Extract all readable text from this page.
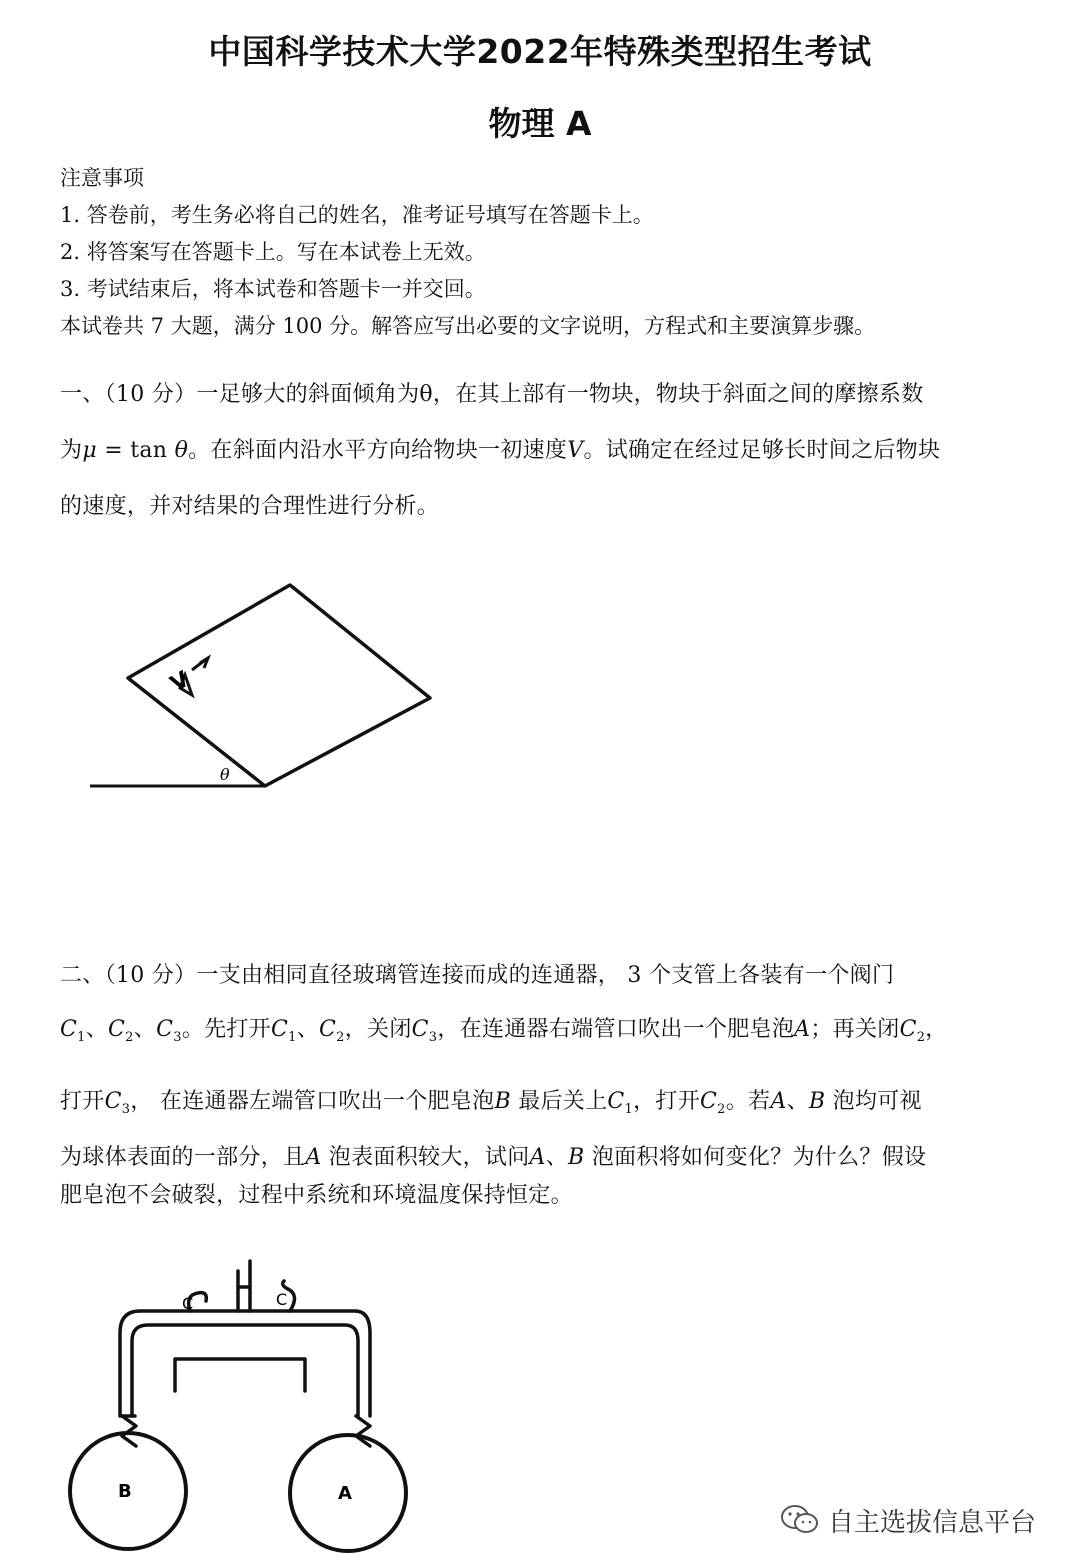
中国科学技术大学2022年特殊类型招生考试
物理 A
注意事项
1. 答卷前，考生务必将自己的姓名，准考证号填写在答题卡上。
2. 将答案写在答题卡上。写在本试卷上无效。
3. 考试结束后，将本试卷和答题卡一并交回。
本试卷共 7 大题，满分 100 分。解答应写出必要的文字说明，方程式和主要演算步骤。
一、（10 分）一足够大的斜面倾角为θ，在其上部有一物块，物块于斜面之间的摩擦系数
为μ = tan θ。在斜面内沿水平方向给物块一初速度V。试确定在经过足够长时间之后物块
的速度，并对结果的合理性进行分析。
V
θ
二、（10 分）一支由相同直径玻璃管连接而成的连通器， 3 个支管上各装有一个阀门
$C_1$、$C_2$、$C_3$。先打开$C_1$、$C_2$，关闭$C_3$，在连通器右端管口吹出一个肥皂泡A；再关闭$C_2$，
打开$C_3$， 在连通器左端管口吹出一个肥皂泡B 最后关上$C_1$，打开$C_2$。若A、B 泡均可视
为球体表面的一部分，且A 泡表面积较大，试问A、B 泡面积将如何变化？为什么？假设
肥皂泡不会破裂，过程中系统和环境温度保持恒定。
B	A
C	C
自主选拔信息平台
